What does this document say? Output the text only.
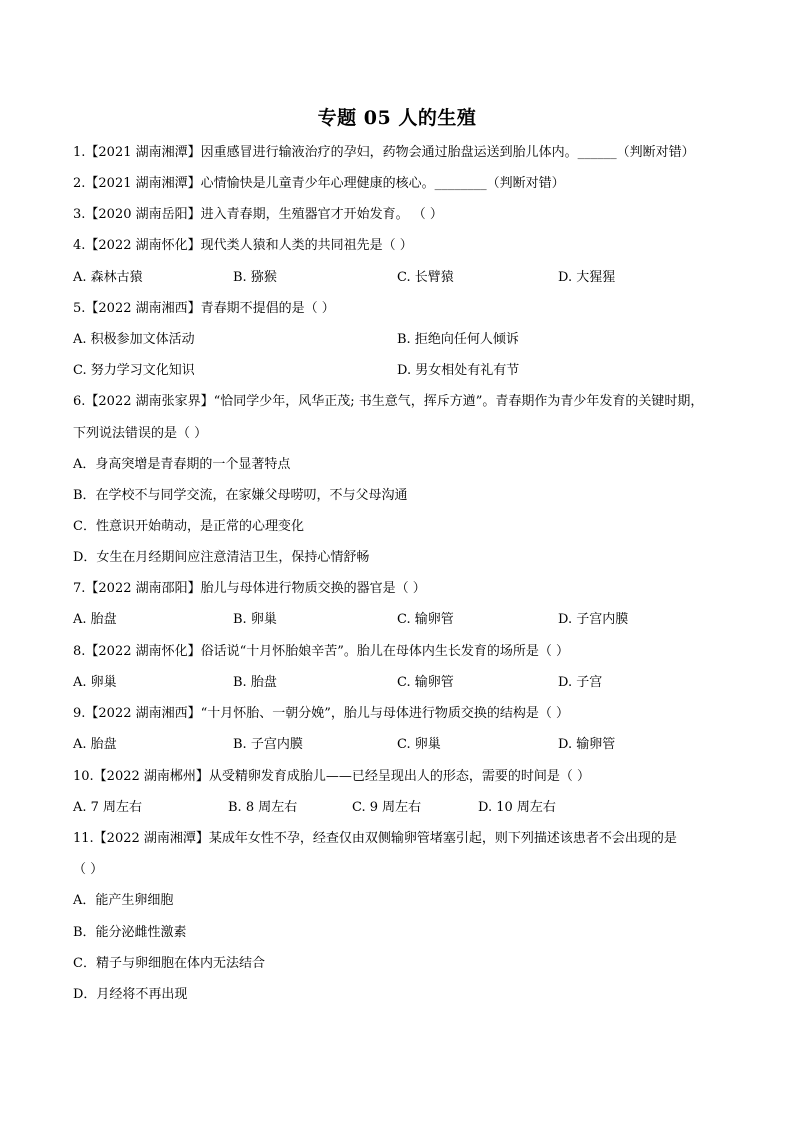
专题 05 人的生殖
1.【2021 湖南湘潭】因重感冒进行输液治疗的孕妇，药物会通过胎盘运送到胎儿体内。______（判断对错）
2.【2021 湖南湘潭】心情愉快是儿童青少年心理健康的核心。________（判断对错）
3.【2020 湖南岳阳】进入青春期，生殖器官才开始发育。 （ ）
4.【2022 湖南怀化】现代类人猿和人类的共同祖先是（ ）
A. 森林古猿	B. 猕猴	C. 长臂猿	D. 大猩猩
5.【2022 湖南湘西】青春期不提倡的是（ ）
A. 积极参加文体活动	B. 拒绝向任何人倾诉
C. 努力学习文化知识	D. 男女相处有礼有节
6.【2022 湖南张家界】“恰同学少年，风华正茂; 书生意气，挥斥方遒”。青春期作为青少年发育的关键时期，
下列说法错误的是（ ）
A．身高突增是青春期的一个显著特点
B．在学校不与同学交流，在家嫌父母唠叨，不与父母沟通
C．性意识开始萌动，是正常的心理变化
D．女生在月经期间应注意清洁卫生，保持心情舒畅
7.【2022 湖南邵阳】胎儿与母体进行物质交换的器官是（ ）
A. 胎盘	B. 卵巢	C. 输卵管	D. 子宫内膜
8.【2022 湖南怀化】俗话说“十月怀胎娘辛苦”。胎儿在母体内生长发育的场所是（ ）
A. 卵巢	B. 胎盘	C. 输卵管	D. 子宫
9.【2022 湖南湘西】“十月怀胎、一朝分娩”，胎儿与母体进行物质交换的结构是（ ）
A. 胎盘	B. 子宫内膜	C. 卵巢	D. 输卵管
10.【2022 湖南郴州】从受精卵发育成胎儿——已经呈现出人的形态，需要的时间是（ ）
A. 7 周左右	B. 8 周左右	C. 9 周左右	D. 10 周左右
11.【2022 湖南湘潭】某成年女性不孕，经查仅由双侧输卵管堵塞引起，则下列描述该患者不会出现的是
（ ）
A．能产生卵细胞
B．能分泌雌性激素
C．精子与卵细胞在体内无法结合
D．月经将不再出现
